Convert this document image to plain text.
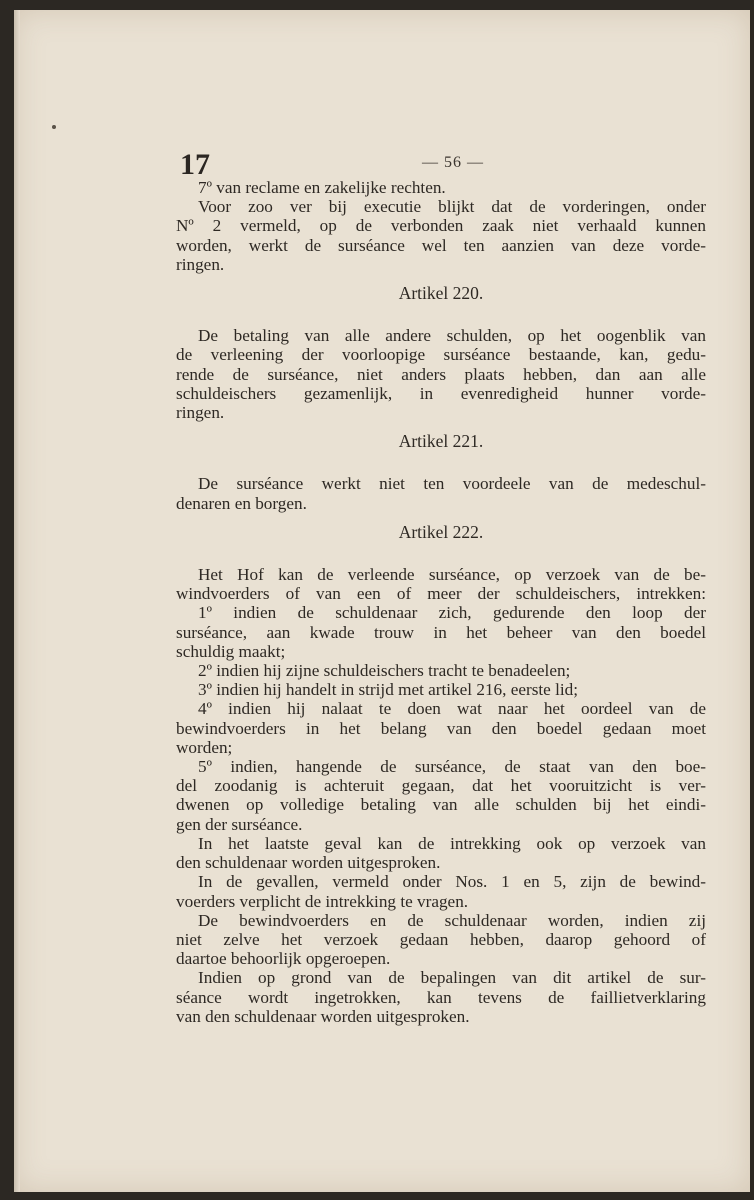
17	— 56 —
7º van reclame en zakelijke rechten.
Voor zoo ver bij executie blijkt dat de vorderingen, onder
Nº 2 vermeld, op de verbonden zaak niet verhaald kunnen
worden, werkt de surséance wel ten aanzien van deze vorde-
ringen.
Artikel 220.
De betaling van alle andere schulden, op het oogenblik van
de verleening der voorloopige surséance bestaande, kan, gedu-
rende de surséance, niet anders plaats hebben, dan aan alle
schuldeischers gezamenlijk, in evenredigheid hunner vorde-
ringen.
Artikel 221.
De surséance werkt niet ten voordeele van de medeschul-
denaren en borgen.
Artikel 222.
Het Hof kan de verleende surséance, op verzoek van de be-
windvoerders of van een of meer der schuldeischers, intrekken:
1º indien de schuldenaar zich, gedurende den loop der
surséance, aan kwade trouw in het beheer van den boedel
schuldig maakt;
2º indien hij zijne schuldeischers tracht te benadeelen;
3º indien hij handelt in strijd met artikel 216, eerste lid;
4º indien hij nalaat te doen wat naar het oordeel van de
bewindvoerders in het belang van den boedel gedaan moet
worden;
5º indien, hangende de surséance, de staat van den boe-
del zoodanig is achteruit gegaan, dat het vooruitzicht is ver-
dwenen op volledige betaling van alle schulden bij het eindi-
gen der surséance.
In het laatste geval kan de intrekking ook op verzoek van
den schuldenaar worden uitgesproken.
In de gevallen, vermeld onder Nos. 1 en 5, zijn de bewind-
voerders verplicht de intrekking te vragen.
De bewindvoerders en de schuldenaar worden, indien zij
niet zelve het verzoek gedaan hebben, daarop gehoord of
daartoe behoorlijk opgeroepen.
Indien op grond van de bepalingen van dit artikel de sur-
séance wordt ingetrokken, kan tevens de faillietverklaring
van den schuldenaar worden uitgesproken.
